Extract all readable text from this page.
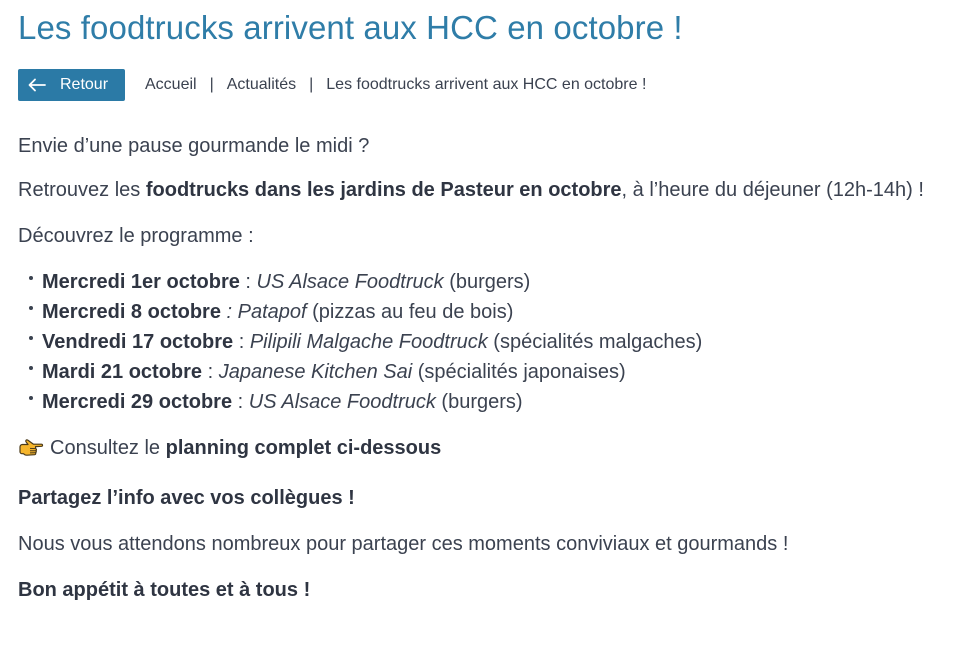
Les foodtrucks arrivent aux HCC en octobre !
Retour Accueil | Actualités | Les foodtrucks arrivent aux HCC en octobre !

Envie d’une pause gourmande le midi ?

Retrouvez les foodtrucks dans les jardins de Pasteur en octobre, à l’heure du déjeuner (12h-14h) !

Découvrez le programme :

Mercredi 1er octobre : US Alsace Foodtruck (burgers)
Mercredi 8 octobre : Patapof (pizzas au feu de bois)
Vendredi 17 octobre : Pilipili Malgache Foodtruck (spécialités malgaches)
Mardi 21 octobre : Japanese Kitchen Sai (spécialités japonaises)
Mercredi 29 octobre : US Alsace Foodtruck (burgers)

Consultez le planning complet ci-dessous

Partagez l’info avec vos collègues !

Nous vous attendons nombreux pour partager ces moments conviviaux et gourmands !

Bon appétit à toutes et à tous !
